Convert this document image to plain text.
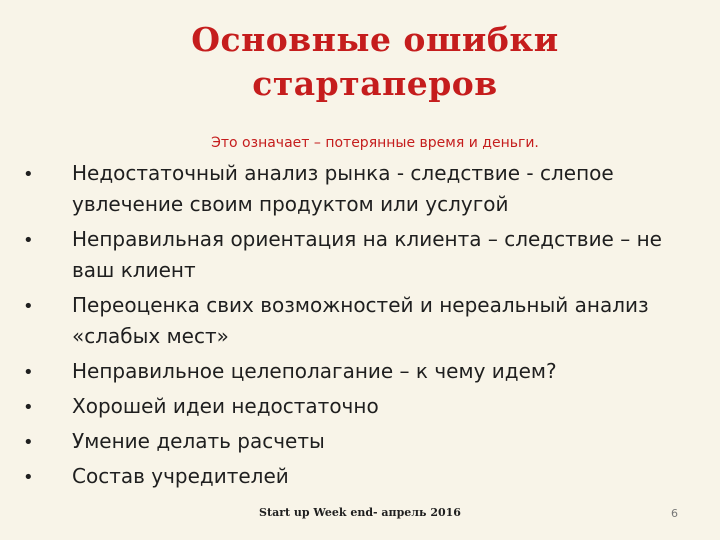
Основные ошибки
стартаперов
Это означает – потерянные время и деньги.
• Недостаточный анализ рынка - следствие - слепое увлечение своим продуктом или услугой
• Неправильная ориентация на клиента – следствие – не ваш клиент
• Переоценка свих возможностей и нереальный анализ «слабых мест»
• Неправильное целеполагание – к чему идем?
• Хорошей идеи недостаточно
• Умение делать расчеты
• Состав учредителей
Start up Week end- апрель 2016	6
